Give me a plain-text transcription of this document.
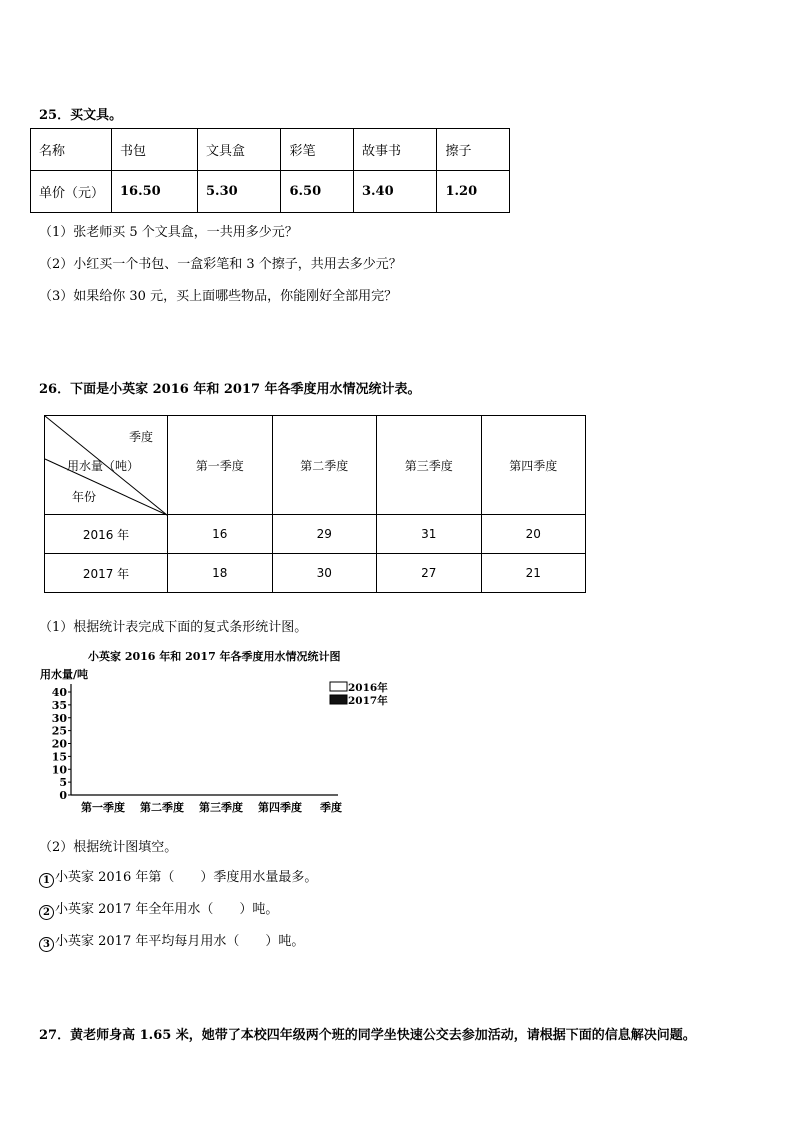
25．买文具。
名称	书包	文具盒	彩笔	故事书	擦子
单价（元）	16.50	5.30	6.50	3.40	1.20
（1）张老师买 5 个文具盒，一共用多少元？
（2）小红买一个书包、一盒彩笔和 3 个擦子，共用去多少元？
（3）如果给你 30 元，买上面哪些物品，你能刚好全部用完？
26．下面是小英家 2016 年和 2017 年各季度用水情况统计表。
季度
用水量（吨）
年份	第一季度	第二季度	第三季度	第四季度
2016 年	16	29	31	20
2017 年	18	30	27	21
（1）根据统计表完成下面的复式条形统计图。
小英家 2016 年和 2017 年各季度用水情况统计图
用水量/吨
0
5
10
15
20
25
30
35
40
第一季度 第二季度 第三季度 第四季度 季度
2016年
2017年
（2）根据统计图填空。
1 小英家 2016 年第（　　）季度用水量最多。
2 小英家 2017 年全年用水（　　）吨。
3 小英家 2017 年平均每月用水（　　）吨。
27．黄老师身高 1.65 米，她带了本校四年级两个班的同学坐快速公交去参加活动，请根据下面的信息解决问题。
